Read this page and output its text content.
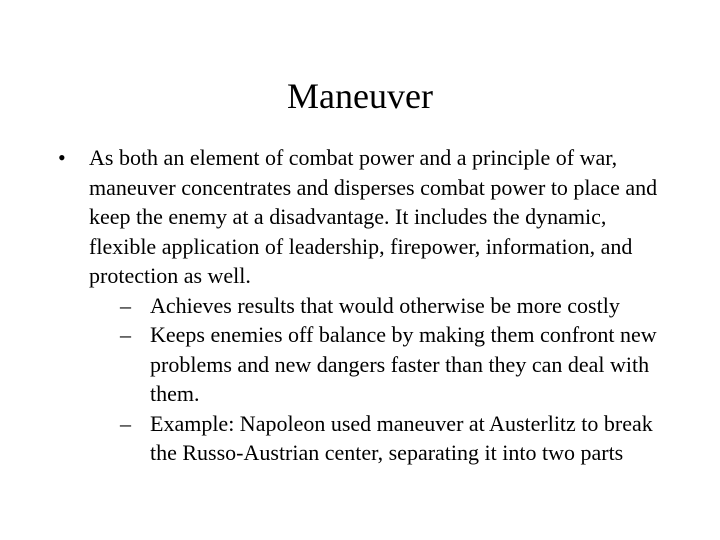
Maneuver
• As both an element of combat power and a principle of war, maneuver concentrates and disperses combat power to place and keep the enemy at a disadvantage. It includes the dynamic, flexible application of leadership, firepower, information, and protection as well.
– Achieves results that would otherwise be more costly
– Keeps enemies off balance by making them confront new problems and new dangers faster than they can deal with them.
– Example: Napoleon used maneuver at Austerlitz to break the Russo-Austrian center, separating it into two parts
